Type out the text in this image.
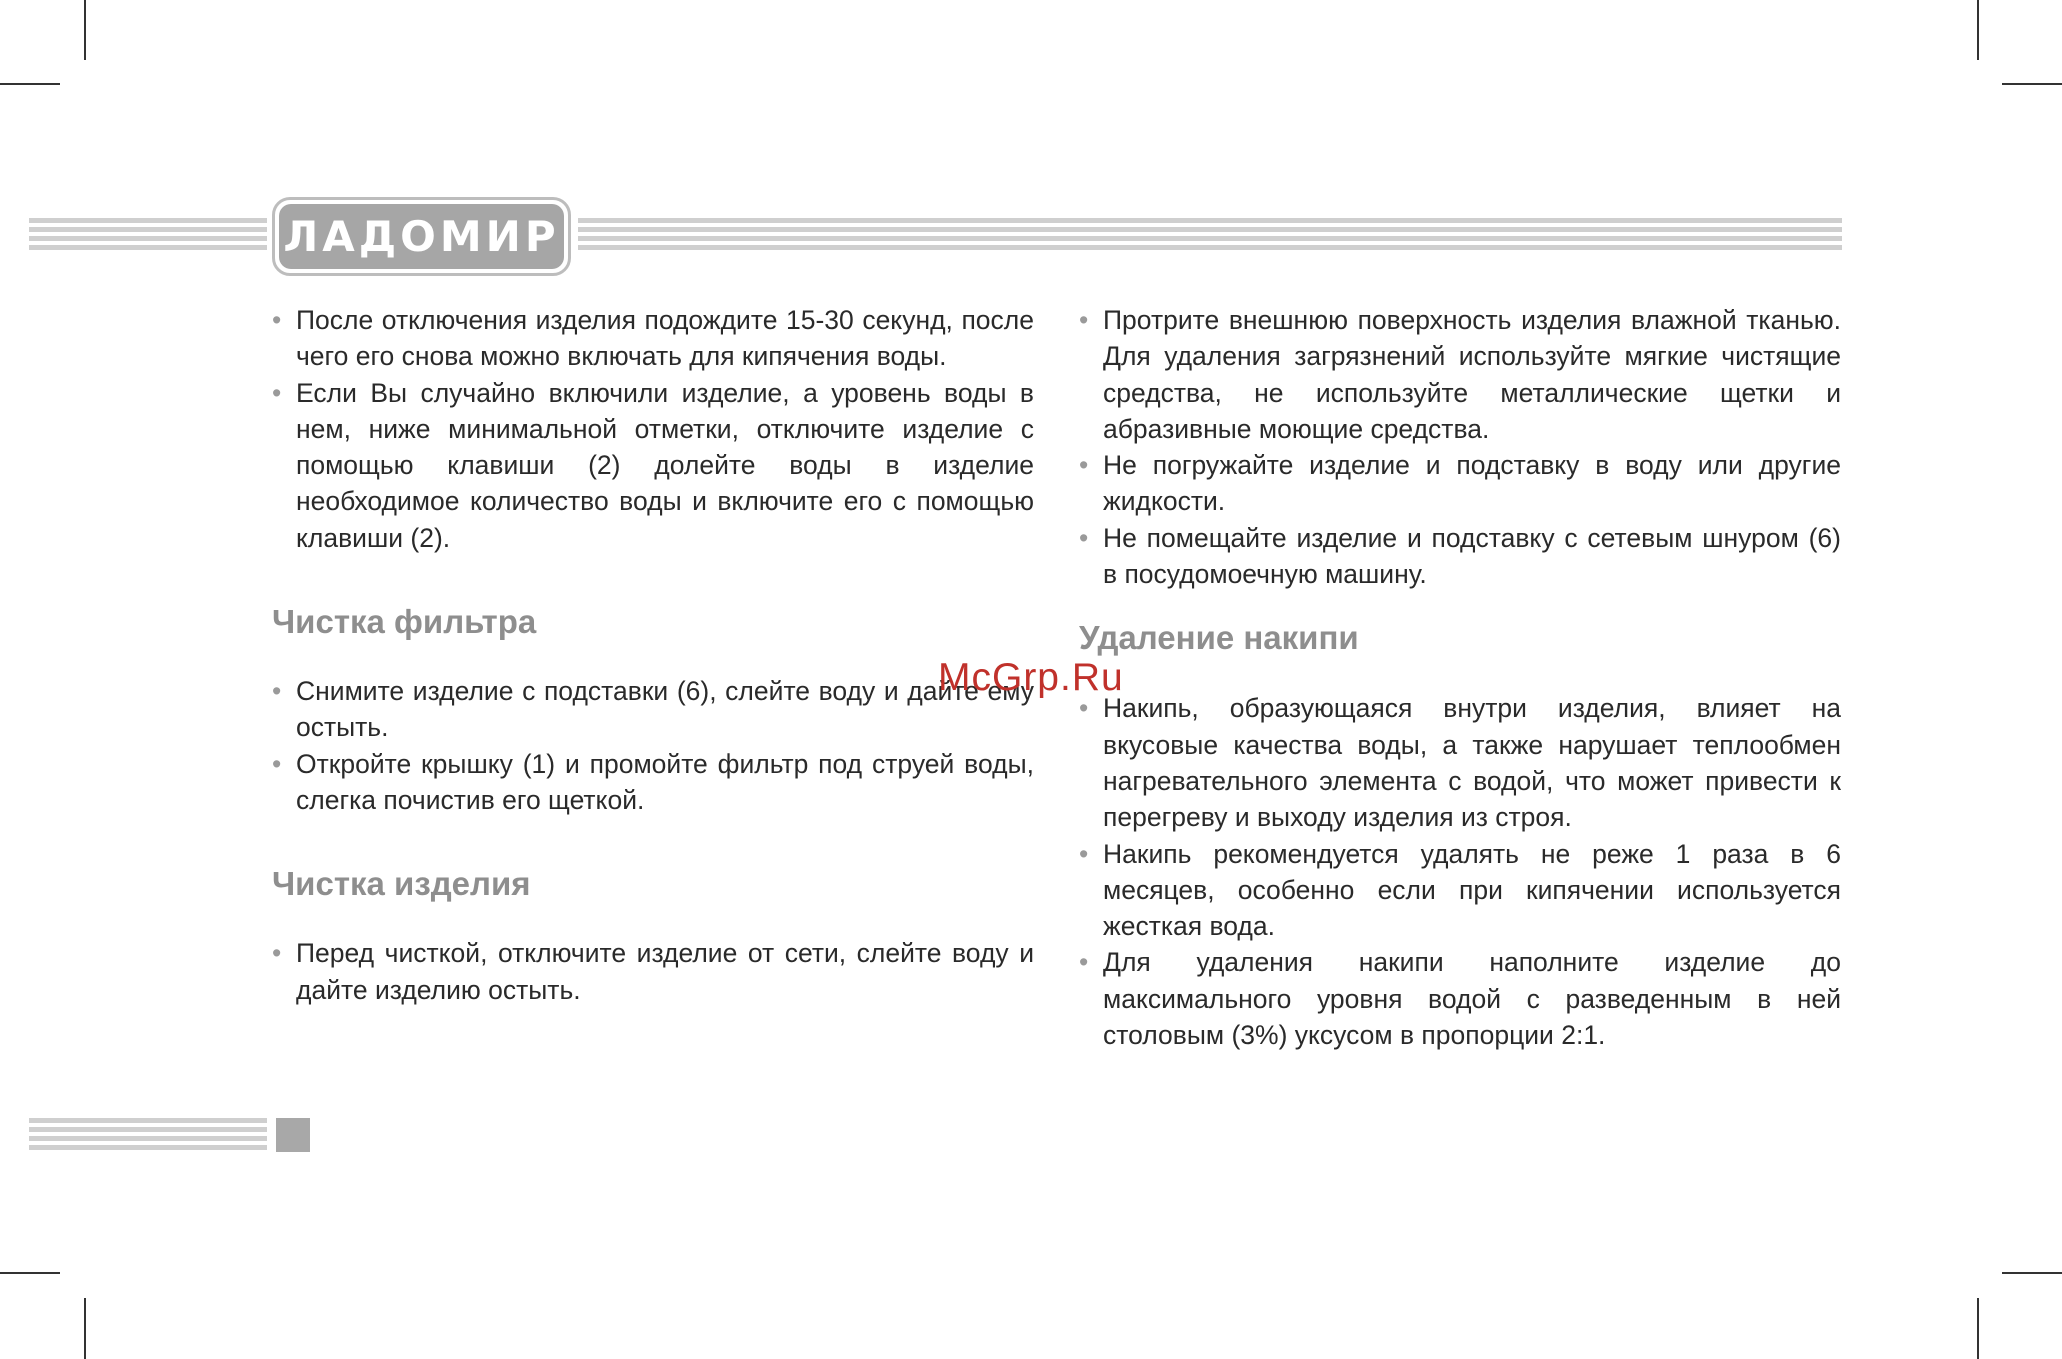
ЛАДОМИР

• После отключения изделия подождите 15-30 секунд, после чего его снова можно включать для кипячения воды.

• Если Вы случайно включили изделие, а уровень воды в нем, ниже минимальной отметки, отключите изделие с помощью клавиши (2) долейте воды в изделие необходимое количество воды и включите его с помощью клавиши (2).

Чистка фильтра

• Снимите изделие с подставки (6), слейте воду и дайте ему остыть.

• Откройте крышку (1) и промойте фильтр под струей воды, слегка почистив его щеткой.

Чистка изделия

• Перед чисткой, отключите изделие от сети, слейте воду и дайте изделию остыть.

• Протрите внешнюю поверхность изделия влажной тканью. Для удаления загрязнений используйте мягкие чистящие средства, не используйте металлические щетки и абразивные моющие средства.

• Не погружайте изделие и подставку в воду или другие жидкости.

• Не помещайте изделие и подставку с сетевым шнуром (6) в посудомоечную машину.

Удаление накипи

• Накипь, образующаяся внутри изделия, влияет на вкусовые качества воды, а также нарушает теплообмен нагревательного элемента с водой, что может привести к перегреву и выходу изделия из строя.

• Накипь рекомендуется удалять не реже 1 раза в 6 месяцев, особенно если при кипячении используется жесткая вода.

• Для удаления накипи наполните изделие до максимального уровня водой с разведенным в ней столовым (3%) уксусом в пропорции 2:1.

McGrp.Ru
